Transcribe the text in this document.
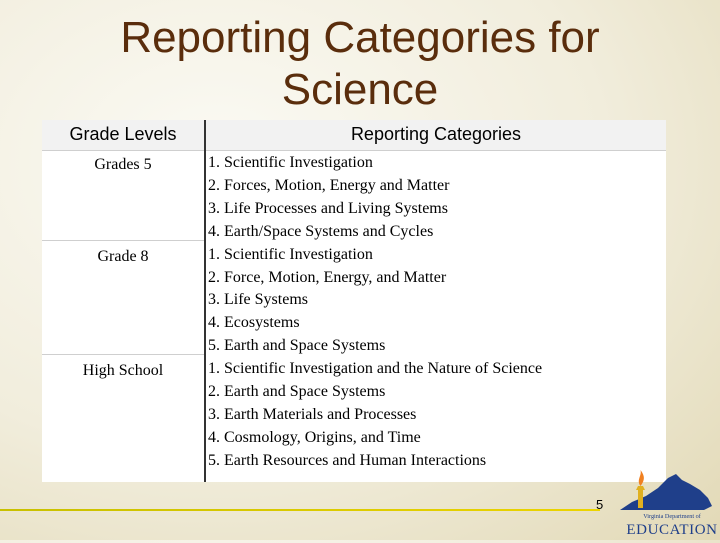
Reporting Categories for
Science
Grade Levels	Reporting Categories
Grades 5
Grade 8
High School
1. Scientific Investigation
2. Forces, Motion, Energy and Matter
3. Life Processes and Living Systems
4. Earth/Space Systems and Cycles
1. Scientific Investigation
2. Force, Motion, Energy, and Matter
3. Life Systems
4. Ecosystems
5. Earth and Space Systems
1. Scientific Investigation and the Nature of Science
2. Earth and Space Systems
3. Earth Materials and Processes
4. Cosmology, Origins, and Time
5. Earth Resources and Human Interactions
5
Virginia Department of
EDUCATION
